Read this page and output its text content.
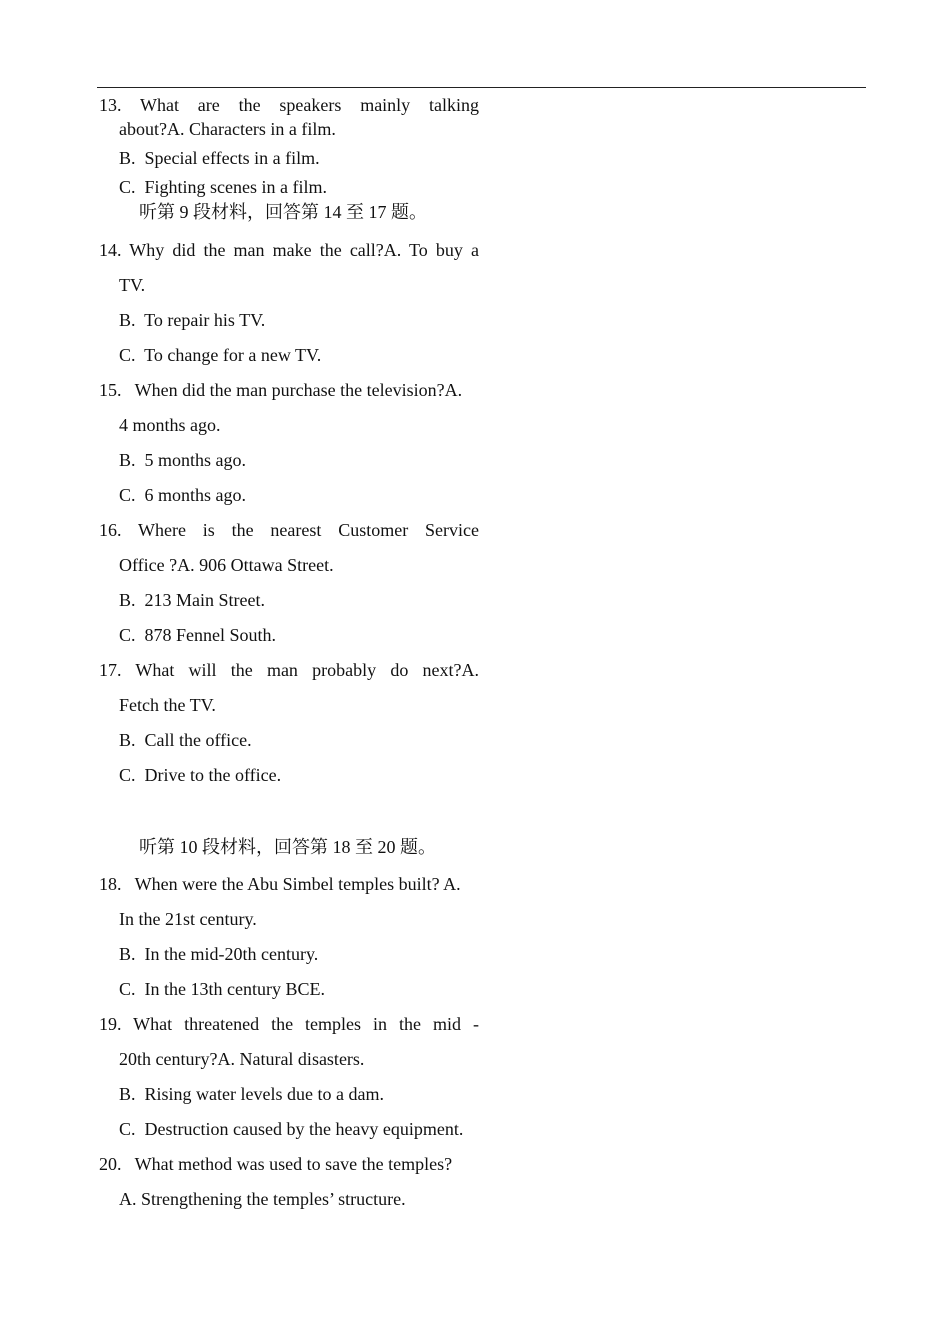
13. What are the speakers mainly talking
about?A. Characters in a film.
B.  Special effects in a film.
C.  Fighting scenes in a film.
听第 9 段材料，回答第 14 至 17 题。
14. Why did the man make the call?A. To buy a
TV.
B.  To repair his TV.
C.  To change for a new TV.
15.   When did the man purchase the television?A.
4 months ago.
B.  5 months ago.
C.  6 months ago.
16. Where is the nearest Customer Service
Office ?A. 906 Ottawa Street.
B.  213 Main Street.
C.  878 Fennel South.
17. What will the man probably do next?A.
Fetch the TV.
B.  Call the office.
C.  Drive to the office.
听第 10 段材料，回答第 18 至 20 题。
18.   When were the Abu Simbel temples built? A.
In the 21st century.
B.  In the mid-20th century.
C.  In the 13th century BCE.
19. What threatened the temples in the mid -
20th century?A. Natural disasters.
B.  Rising water levels due to a dam.
C.  Destruction caused by the heavy equipment.
20.   What method was used to save the temples?
A. Strengthening the temples’ structure.
